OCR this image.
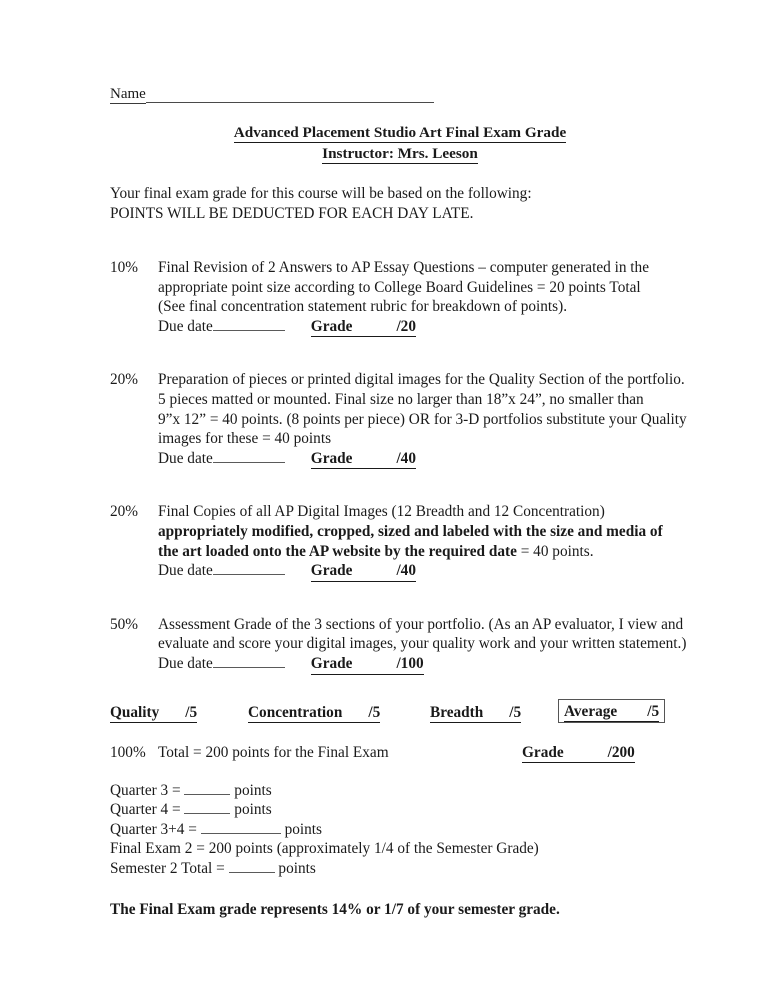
Name
Advanced Placement Studio Art Final Exam Grade
Instructor: Mrs. Leeson
Your final exam grade for this course will be based on the following:
POINTS WILL BE DEDUCTED FOR EACH DAY LATE.
10%	Final Revision of 2 Answers to AP Essay Questions – computer generated in the

appropriate point size according to College Board Guidelines = 20 points Total

(See final concentration statement rubric for breakdown of points).

Due date	Grade	/20
20%	Preparation of pieces or printed digital images for the Quality Section of the portfolio.

5 pieces matted or mounted. Final size no larger than 18”x 24”, no smaller than

9”x 12” = 40 points. (8 points per piece) OR for 3-D portfolios substitute your Quality

images for these = 40 points

Due date	Grade	/40
20%	Final Copies of all AP Digital Images (12 Breadth and 12 Concentration)

appropriately modified, cropped, sized and labeled with the size and media of

the art loaded onto the AP website by the required date = 40 points.

Due date	Grade	/40
50%	Assessment Grade of the 3 sections of your portfolio. (As an AP evaluator, I view and

evaluate and score your digital images, your quality work and your written statement.)

Due date	Grade	/100
Quality /5	Concentration /5	Breadth /5	Average /5
100% Total = 200 points for the Final Exam	Grade	/200
Quarter 3 =	points
Quarter 4 =	points
Quarter 3+4 =	points
Final Exam 2 = 200 points (approximately 1/4 of the Semester Grade)
Semester 2 Total =	points
The Final Exam grade represents 14% or 1/7 of your semester grade.
